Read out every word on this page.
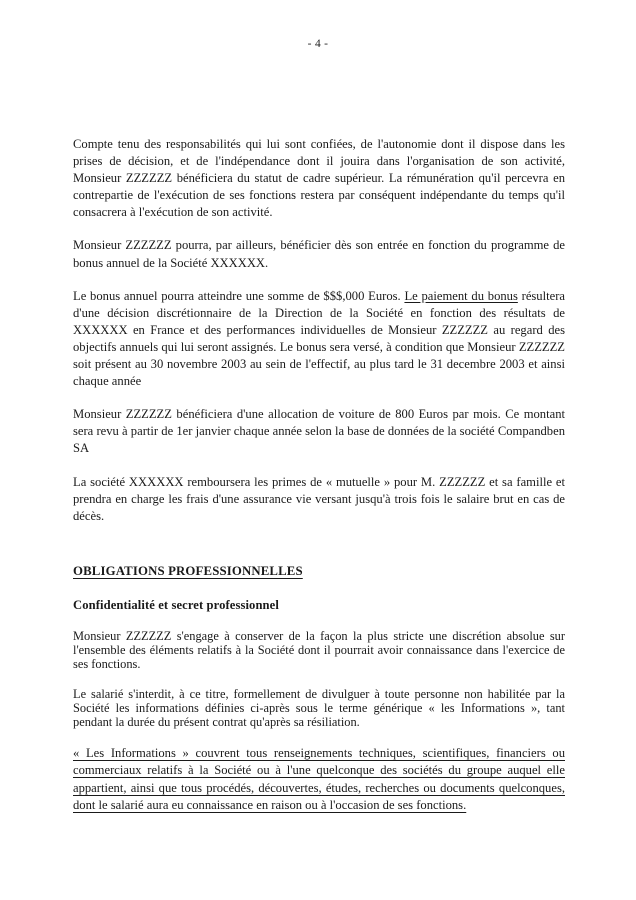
- 4 -

Compte tenu des responsabilités qui lui sont confiées, de l'autonomie dont il dispose dans les prises de décision, et de l'indépendance dont il jouira dans l'organisation de son activité, Monsieur ZZZZZZ bénéficiera du statut de cadre supérieur. La rémunération qu'il percevra en contrepartie de l'exécution de ses fonctions restera par conséquent indépendante du temps qu'il consacrera à l'exécution de son activité.

Monsieur ZZZZZZ pourra, par ailleurs, bénéficier dès son entrée en fonction du programme de bonus annuel de la Société XXXXXX.

Le bonus annuel pourra atteindre une somme de $$$,000 Euros. Le paiement du bonus résultera d'une décision discrétionnaire de la Direction de la Société en fonction des résultats de XXXXXX en France et des performances individuelles de Monsieur ZZZZZZ au regard des objectifs annuels qui lui seront assignés. Le bonus sera versé, à condition que Monsieur ZZZZZZ soit présent au 30 novembre 2003 au sein de l'effectif, au plus tard le 31 decembre 2003 et ainsi chaque année

Monsieur ZZZZZZ bénéficiera d'une allocation de voiture de 800 Euros par mois. Ce montant sera revu à partir de 1er janvier chaque année selon la base de données de la société Compandben SA

La société XXXXXX remboursera les primes de « mutuelle » pour M. ZZZZZZ et sa famille et prendra en charge les frais d'une assurance vie versant jusqu'à trois fois le salaire brut en cas de décès.

OBLIGATIONS PROFESSIONNELLES
Confidentialité et secret professionnel

Monsieur ZZZZZZ s'engage à conserver de la façon la plus stricte une discrétion absolue sur l'ensemble des éléments relatifs à la Société dont il pourrait avoir connaissance dans l'exercice de ses fonctions.

Le salarié s'interdit, à ce titre, formellement de divulguer à toute personne non habilitée par la Société les informations définies ci-après sous le terme générique « les Informations », tant pendant la durée du présent contrat qu'après sa résiliation.

« Les Informations » couvrent tous renseignements techniques, scientifiques, financiers ou commerciaux relatifs à la Société ou à l'une quelconque des sociétés du groupe auquel elle appartient, ainsi que tous procédés, découvertes, études, recherches ou documents quelconques, dont le salarié aura eu connaissance en raison ou à l'occasion de ses fonctions.
